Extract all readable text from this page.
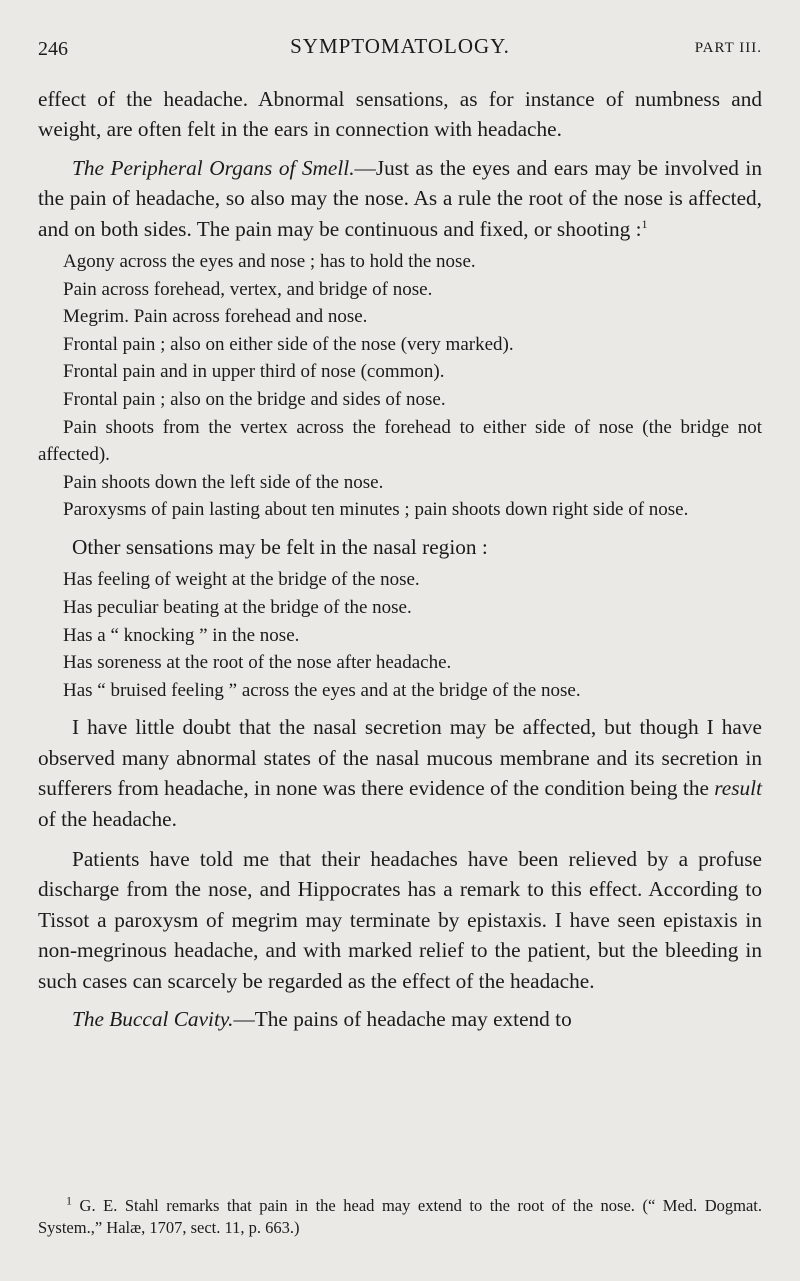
246	SYMPTOMATOLOGY.	PART III.

effect of the headache. Abnormal sensations, as for instance of numbness and weight, are often felt in the ears in connection with headache.

The Peripheral Organs of Smell.—Just as the eyes and ears may be involved in the pain of headache, so also may the nose. As a rule the root of the nose is affected, and on both sides. The pain may be continuous and fixed, or shooting :$^1$

Agony across the eyes and nose ; has to hold the nose.
Pain across forehead, vertex, and bridge of nose.
Megrim. Pain across forehead and nose.
Frontal pain ; also on either side of the nose (very marked).
Frontal pain and in upper third of nose (common).
Frontal pain ; also on the bridge and sides of nose.
Pain shoots from the vertex across the forehead to either side of nose (the bridge not affected).
Pain shoots down the left side of the nose.
Paroxysms of pain lasting about ten minutes ; pain shoots down right side of nose.

Other sensations may be felt in the nasal region :

Has feeling of weight at the bridge of the nose.
Has peculiar beating at the bridge of the nose.
Has a “ knocking ” in the nose.
Has soreness at the root of the nose after headache.
Has “ bruised feeling ” across the eyes and at the bridge of the nose.

I have little doubt that the nasal secretion may be affected, but though I have observed many abnormal states of the nasal mucous membrane and its secretion in sufferers from headache, in none was there evidence of the condition being the result of the headache.

Patients have told me that their headaches have been relieved by a profuse discharge from the nose, and Hippocrates has a remark to this effect. According to Tissot a paroxysm of megrim may terminate by epistaxis. I have seen epistaxis in non-megrinous headache, and with marked relief to the patient, but the bleeding in such cases can scarcely be regarded as the effect of the headache.

The Buccal Cavity.—The pains of headache may extend to

$^1$ G. E. Stahl remarks that pain in the head may extend to the root of the nose. (“ Med. Dogmat. System.,” Halæ, 1707, sect. 11, p. 663.)
